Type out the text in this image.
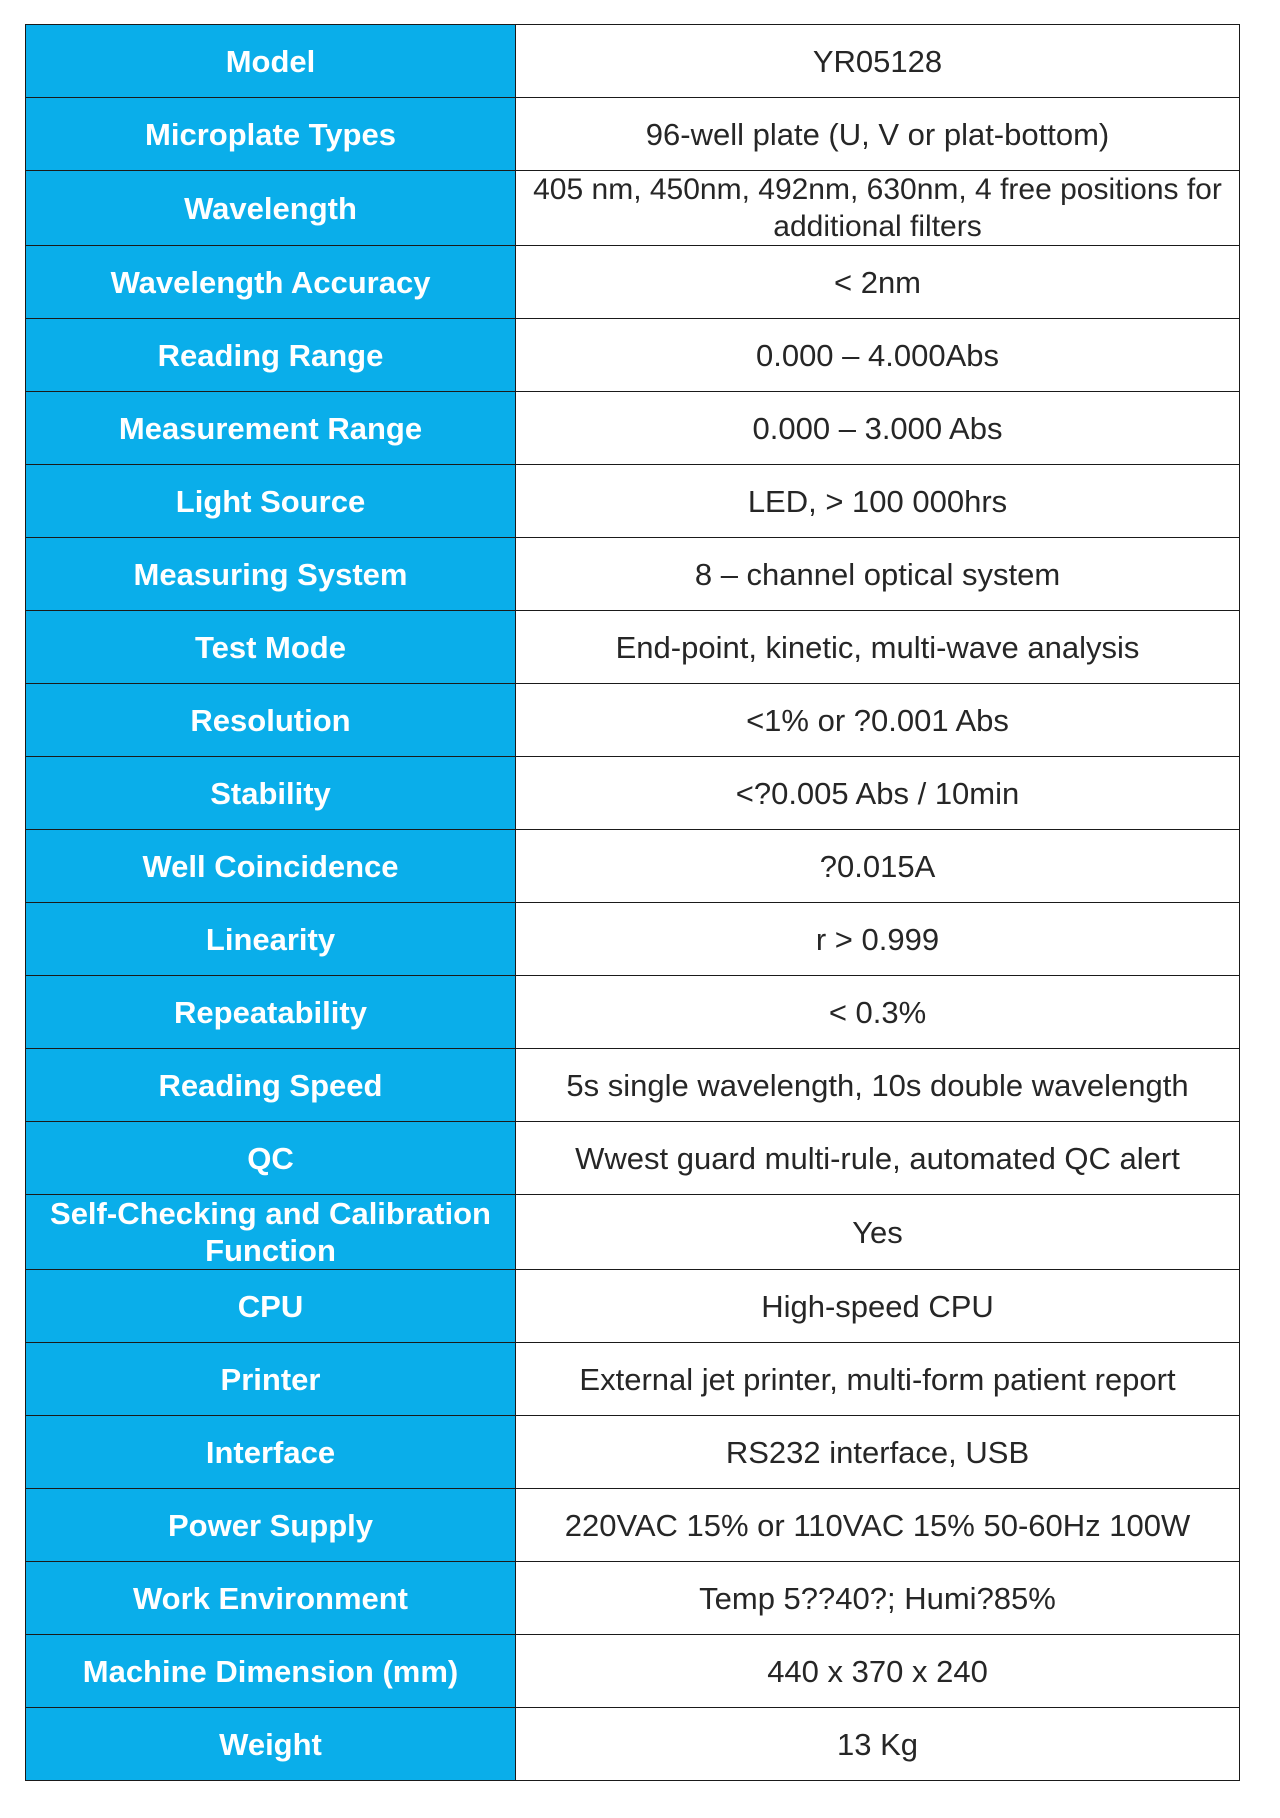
Model	YR05128
Microplate Types	96-well plate (U, V or plat-bottom)
Wavelength	405 nm, 450nm, 492nm, 630nm, 4 free positions for additional filters
Wavelength Accuracy	< 2nm
Reading Range	0.000 – 4.000Abs
Measurement Range	0.000 – 3.000 Abs
Light Source	LED, > 100 000hrs
Measuring System	8 – channel optical system
Test Mode	End-point, kinetic, multi-wave analysis
Resolution	<1% or ?0.001 Abs
Stability	<?0.005 Abs / 10min
Well Coincidence	?0.015A
Linearity	r > 0.999
Repeatability	< 0.3%
Reading Speed	5s single wavelength, 10s double wavelength
QC	Wwest guard multi-rule, automated QC alert
Self-Checking and Calibration Function	Yes
CPU	High-speed CPU
Printer	External jet printer, multi-form patient report
Interface	RS232 interface, USB
Power Supply	220VAC 15% or 110VAC 15% 50-60Hz 100W
Work Environment	Temp 5??40?; Humi?85%
Machine Dimension (mm)	440 x 370 x 240
Weight	13 Kg
